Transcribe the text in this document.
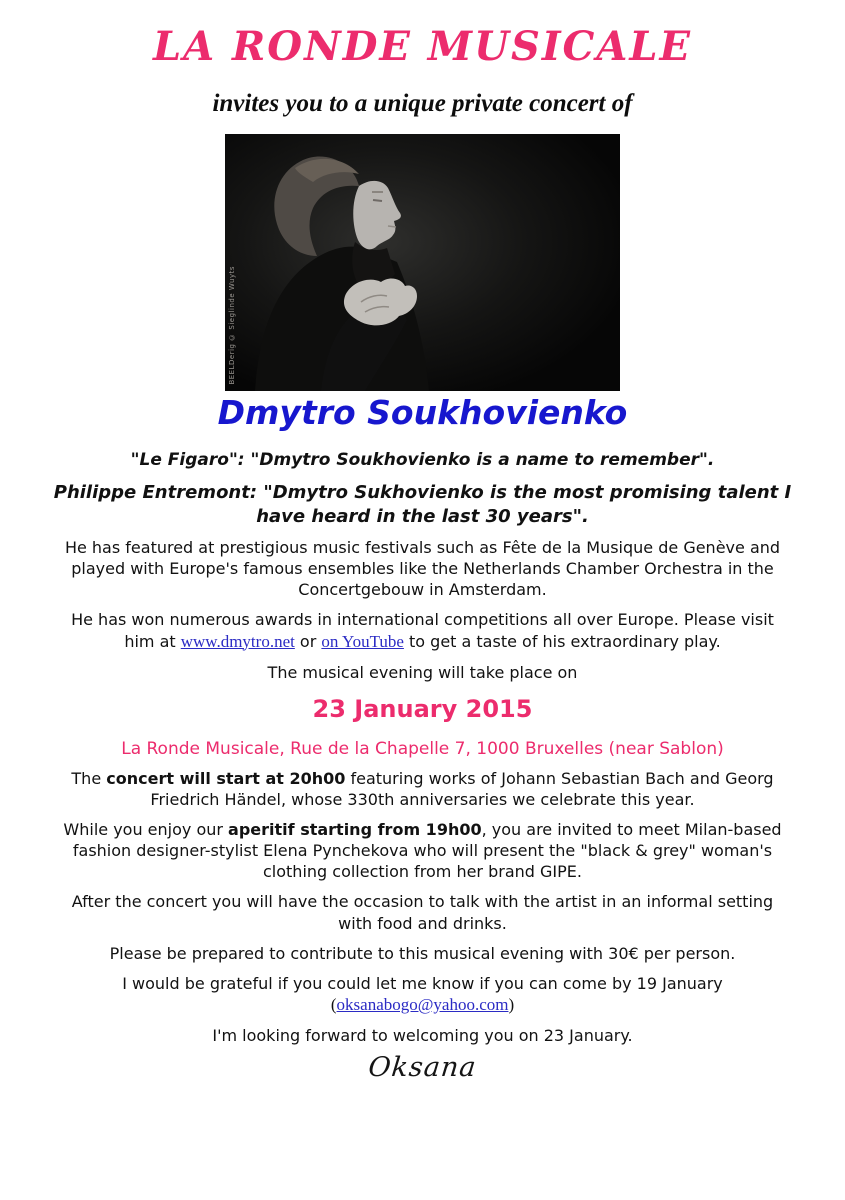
LA RONDE MUSICALE
invites you to a unique private concert of
BEELDerig © Sieglinde Wuyts
Dmytro Soukhovienko

"Le Figaro": "Dmytro Soukhovienko is a name to remember".

Philippe Entremont: "Dmytro Sukhovienko is the most promising talent I have heard in the last 30 years".

He has featured at prestigious music festivals such as Fête de la Musique de Genève and played with Europe's famous ensembles like the Netherlands Chamber Orchestra in the Concertgebouw in Amsterdam.

He has won numerous awards in international competitions all over Europe. Please visit him at www.dmytro.net or on YouTube to get a taste of his extraordinary play.

The musical evening will take place on

23 January 2015
La Ronde Musicale, Rue de la Chapelle 7, 1000 Bruxelles (near Sablon)

The concert will start at 20h00 featuring works of Johann Sebastian Bach and Georg Friedrich Händel, whose 330th anniversaries we celebrate this year.

While you enjoy our aperitif starting from 19h00, you are invited to meet Milan-based fashion designer-stylist Elena Pynchekova who will present the "black & grey" woman's clothing collection from her brand GIPE.

After the concert you will have the occasion to talk with the artist in an informal setting with food and drinks.

Please be prepared to contribute to this musical evening with 30€ per person.

I would be grateful if you could let me know if you can come by 19 January
(oksanabogo@yahoo.com)

I'm looking forward to welcoming you on 23 January.

Oksana
